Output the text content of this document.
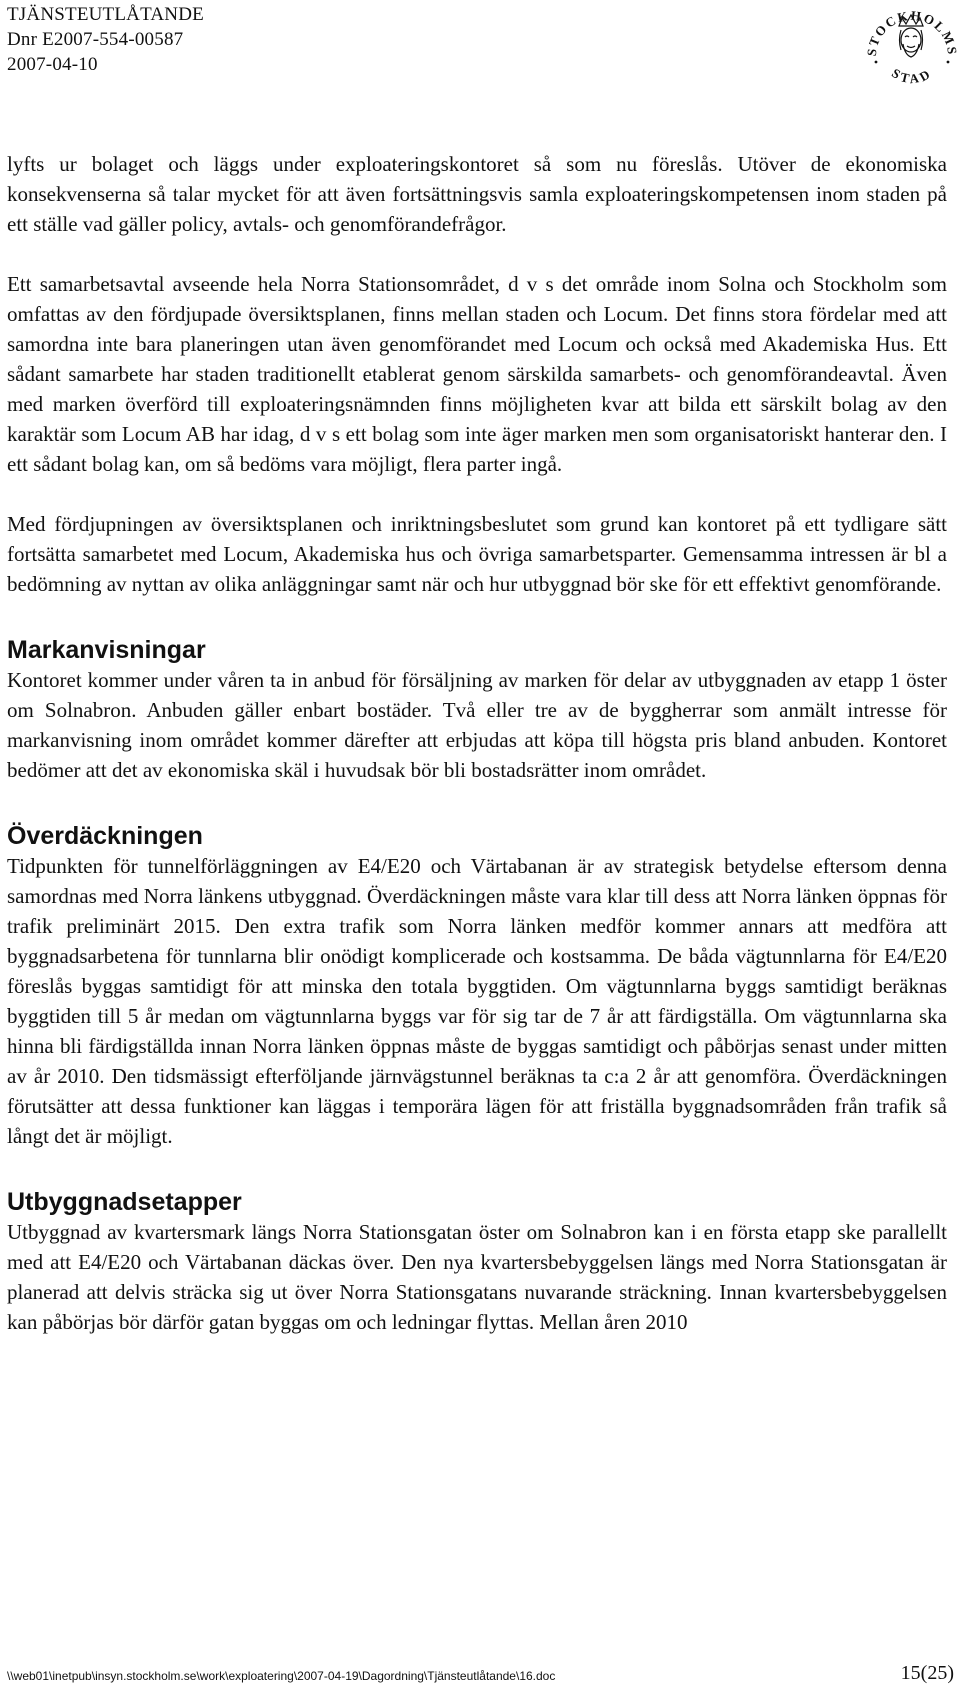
TJÄNSTEUTLÅTANDE
Dnr E2007-554-00587
2007-04-10
STOCKHOLMS
STAD

lyfts ur bolaget och läggs under exploateringskontoret så som nu föreslås. Utöver de ekonomiska konsekvenserna så talar mycket för att även fortsättningsvis samla exploateringskompetensen inom staden på ett ställe vad gäller policy, avtals- och genomförandefrågor.

Ett samarbetsavtal avseende hela Norra Stationsområdet, d v s det område inom Solna och Stockholm som omfattas av den fördjupade översiktsplanen, finns mellan staden och Locum. Det finns stora fördelar med att samordna inte bara planeringen utan även genomförandet med Locum och också med Akademiska Hus. Ett sådant samarbete har staden traditionellt etablerat genom särskilda samarbets- och genomförandeavtal. Även med marken överförd till exploateringsnämnden finns möjligheten kvar att bilda ett särskilt bolag av den karaktär som Locum AB har idag, d v s ett bolag som inte äger marken men som organisatoriskt hanterar den. I ett sådant bolag kan, om så bedöms vara möjligt, flera parter ingå.

Med fördjupningen av översiktsplanen och inriktningsbeslutet som grund kan kontoret på ett tydligare sätt fortsätta samarbetet med Locum, Akademiska hus och övriga samarbetsparter. Gemensamma intressen är bl a bedömning av nyttan av olika anläggningar samt när och hur utbyggnad bör ske för ett effektivt genomförande.

Markanvisningar

Kontoret kommer under våren ta in anbud för försäljning av marken för delar av utbyggnaden av etapp 1 öster om Solnabron. Anbuden gäller enbart bostäder. Två eller tre av de byggherrar som anmält intresse för markanvisning inom området kommer därefter att erbjudas att köpa till högsta pris bland anbuden. Kontoret bedömer att det av ekonomiska skäl i huvudsak bör bli bostadsrätter inom området.

Överdäckningen

Tidpunkten för tunnelförläggningen av E4/E20 och Värtabanan är av strategisk betydelse eftersom denna samordnas med Norra länkens utbyggnad. Överdäckningen måste vara klar till dess att Norra länken öppnas för trafik preliminärt 2015. Den extra trafik som Norra länken medför kommer annars att medföra att byggnadsarbetena för tunnlarna blir onödigt komplicerade och kostsamma. De båda vägtunnlarna för E4/E20 föreslås byggas samtidigt för att minska den totala byggtiden. Om vägtunnlarna byggs samtidigt beräknas byggtiden till 5 år medan om vägtunnlarna byggs var för sig tar de 7 år att färdigställa. Om vägtunnlarna ska hinna bli färdigställda innan Norra länken öppnas måste de byggas samtidigt och påbörjas senast under mitten av år 2010. Den tidsmässigt efterföljande järnvägstunnel beräknas ta c:a 2 år att genomföra. Överdäckningen förutsätter att dessa funktioner kan läggas i temporära lägen för att friställa byggnadsområden från trafik så långt det är möjligt.

Utbyggnadsetapper

Utbyggnad av kvartersmark längs Norra Stationsgatan öster om Solnabron kan i en första etapp ske parallellt med att E4/E20 och Värtabanan däckas över. Den nya kvartersbebyggelsen längs med Norra Stationsgatan är planerad att delvis sträcka sig ut över Norra Stationsgatans nuvarande sträckning. Innan kvartersbebyggelsen kan påbörjas bör därför gatan byggas om och ledningar flyttas. Mellan åren 2010

\\web01\inetpub\insyn.stockholm.se\work\exploatering\2007-04-19\Dagordning\Tjänsteutlåtande\16.doc	15(25)
